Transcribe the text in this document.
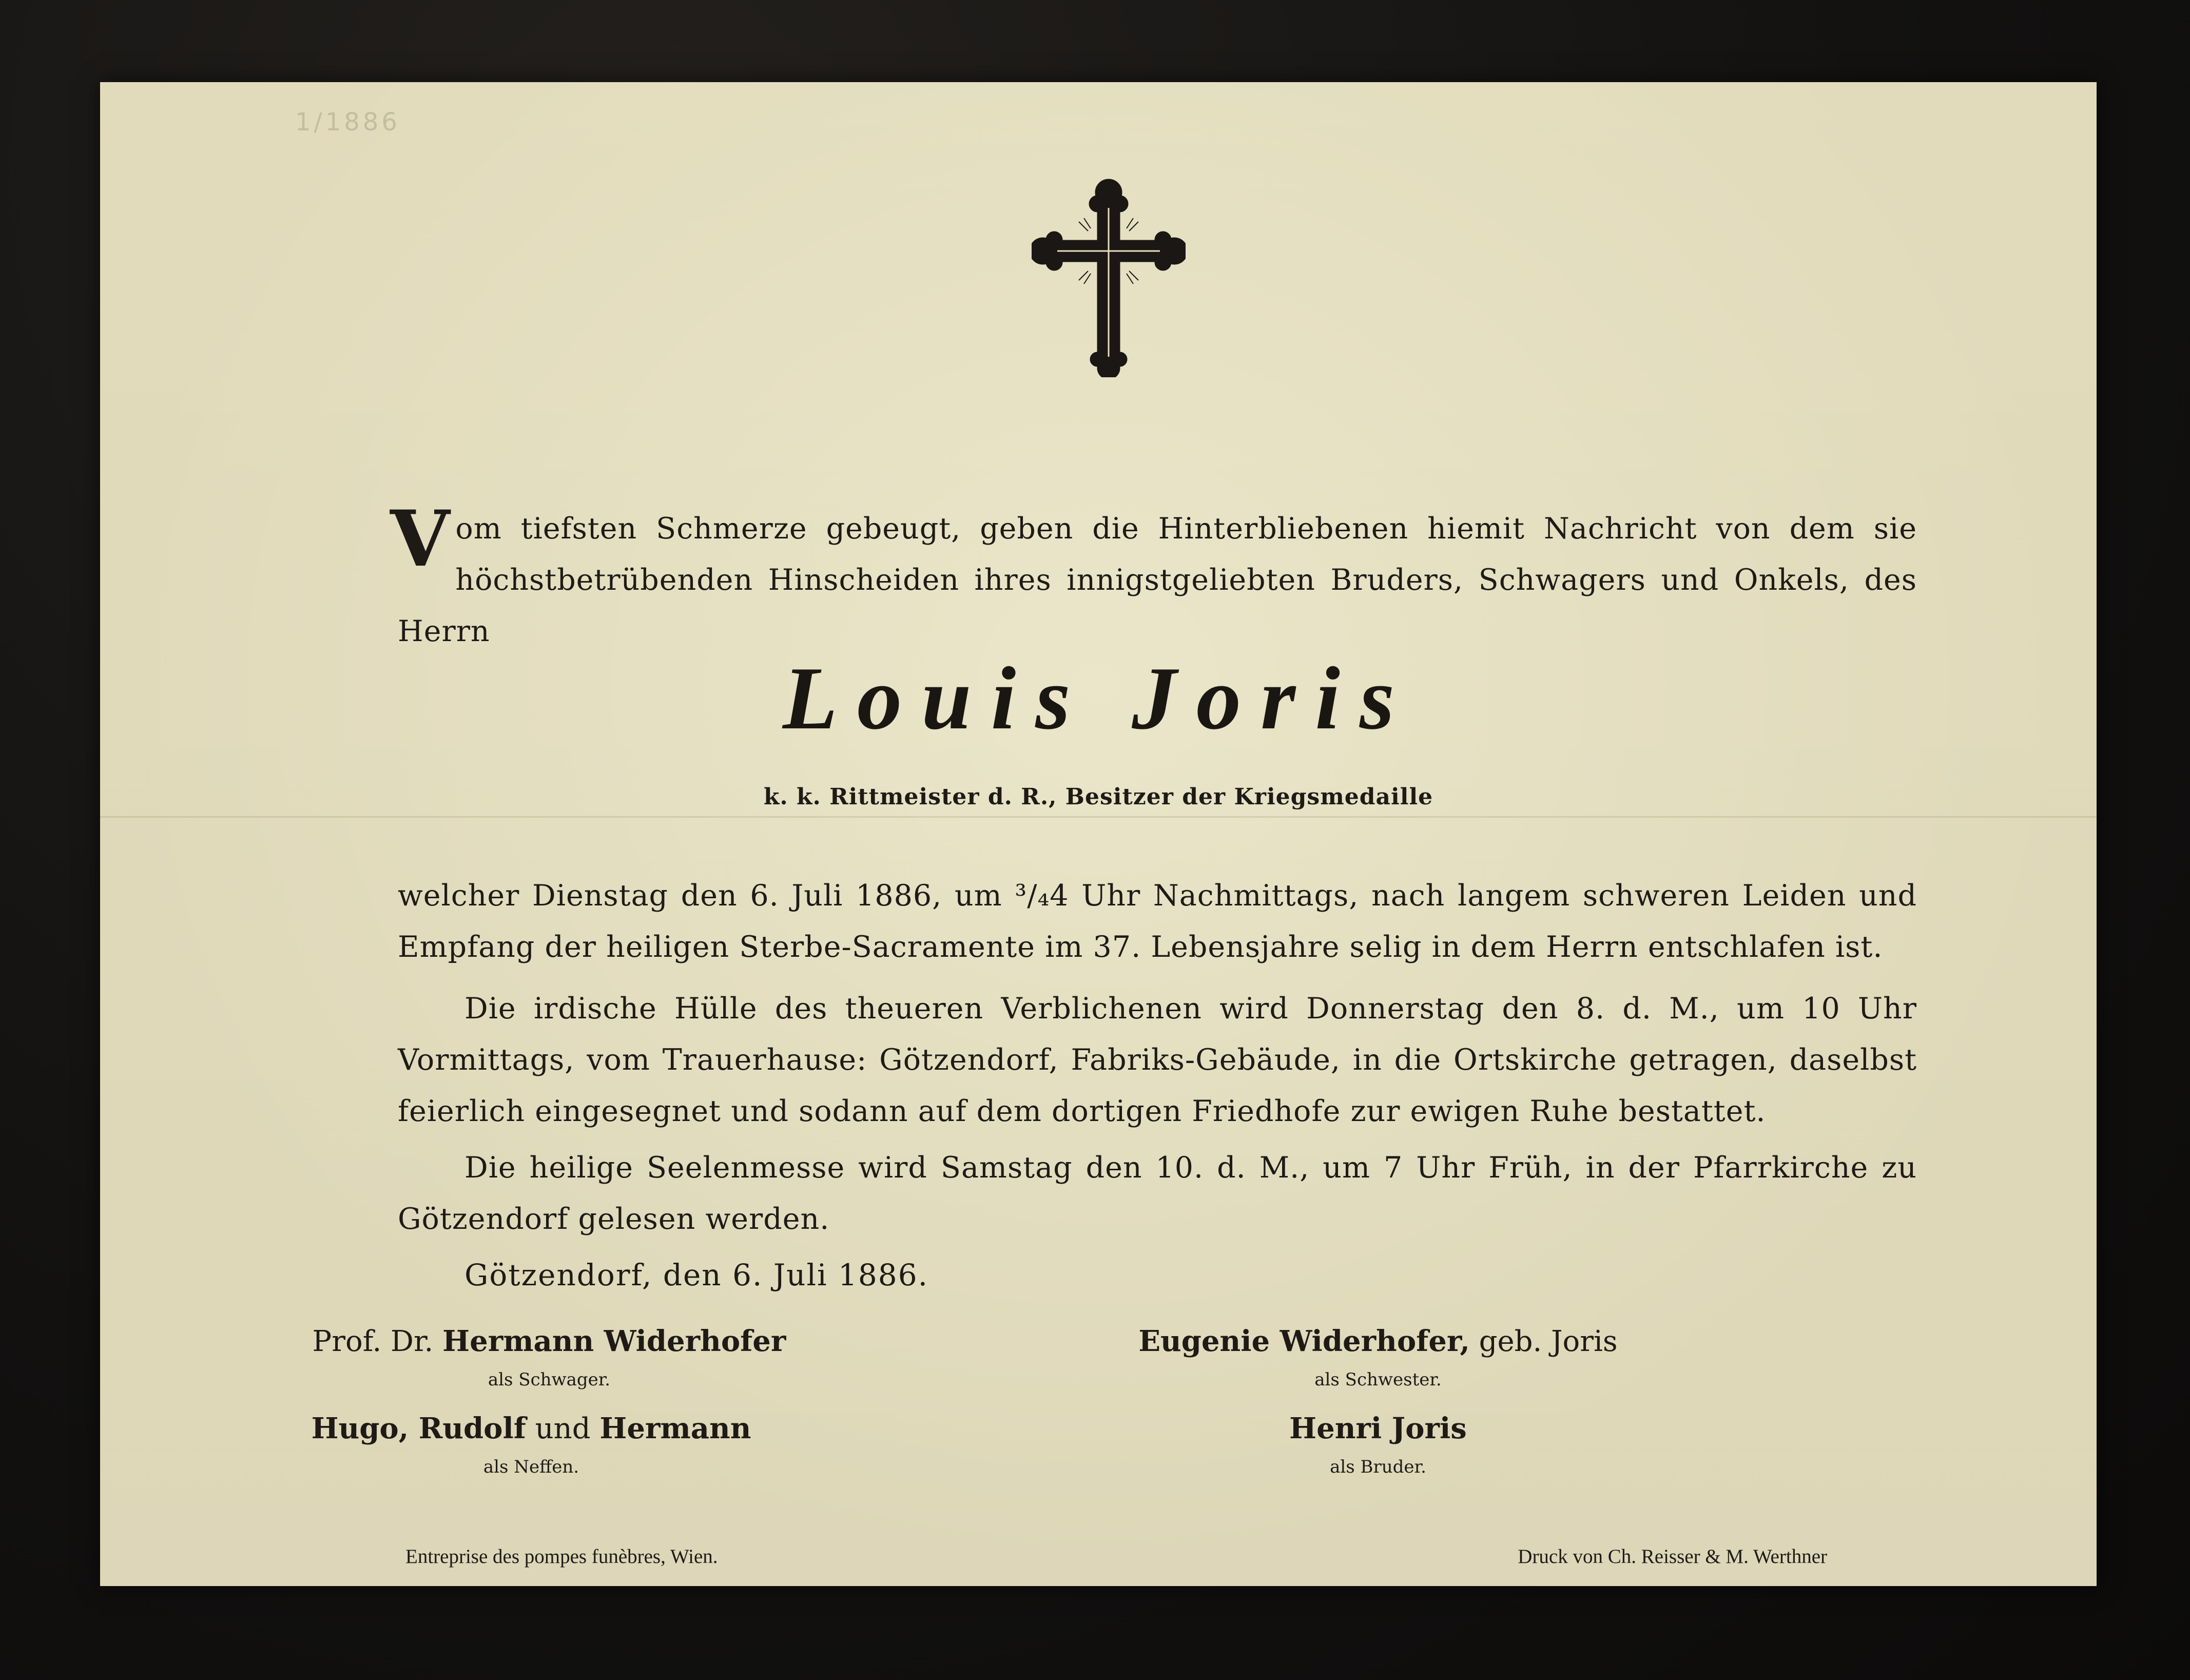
1/1886
Vom tiefsten Schmerze gebeugt, geben die Hinterbliebenen hiemit Nachricht von dem sie höchstbetrübenden Hinscheiden ihres innigstgeliebten Bruders, Schwagers und Onkels, des Herrn
Louis Joris
k. k. Rittmeister d. R., Besitzer der Kriegsmedaille
welcher Dienstag den 6. Juli 1886, um ³/₄4 Uhr Nachmittags, nach langem schweren Leiden und Empfang der heiligen Sterbe-Sacramente im 37. Lebensjahre selig in dem Herrn entschlafen ist.
Die irdische Hülle des theueren Verblichenen wird Donnerstag den 8. d. M., um 10 Uhr Vormittags, vom Trauerhause: Götzendorf, Fabriks-Gebäude, in die Ortskirche getragen, daselbst feierlich eingesegnet und sodann auf dem dortigen Friedhofe zur ewigen Ruhe bestattet.
Die heilige Seelenmesse wird Samstag den 10. d. M., um 7 Uhr Früh, in der Pfarrkirche zu Götzendorf gelesen werden.
Götzendorf, den 6. Juli 1886.
Prof. Dr. Hermann Widerhofer
als Schwager.
Eugenie Widerhofer, geb. Joris
als Schwester.
Hugo, Rudolf und Hermann
als Neffen.
Henri Joris
als Bruder.
Entreprise des pompes funèbres, Wien.	Druck von Ch. Reisser & M. Werthner
